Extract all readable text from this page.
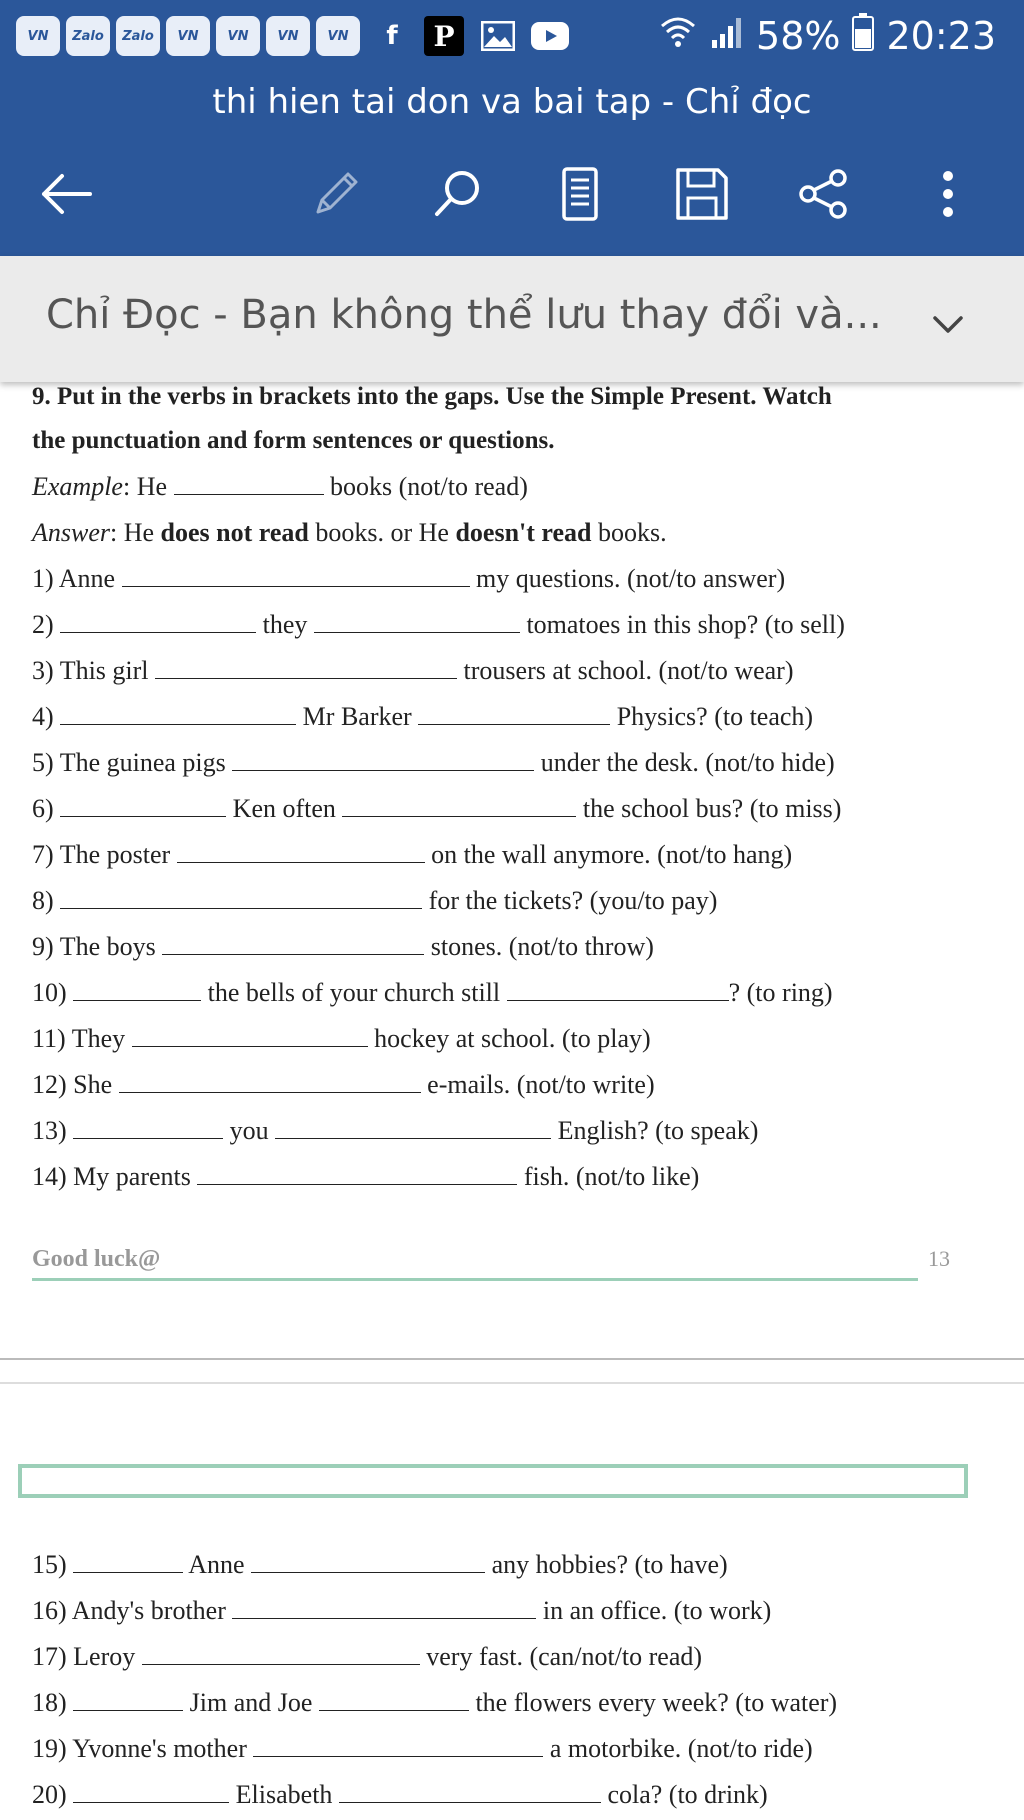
VN	Zalo	Zalo	VN	VN	VN	VN	f	P	58% 20:23
thi hien tai don va bai tap - Chỉ đọc
Chỉ Đọc - Bạn không thể lưu thay đổi và...
9. Put in the verbs in brackets into the gaps. Use the Simple Present. Watch
the punctuation and form sentences or questions.
Example: He	books (not/to read)
Answer: He does not read books. or He doesn't read books.
1) Anne	my questions. (not/to answer)
2)	they	tomatoes in this shop? (to sell)
3) This girl	trousers at school. (not/to wear)
4)	Mr Barker	Physics? (to teach)
5) The guinea pigs	under the desk. (not/to hide)
6)	Ken often	the school bus? (to miss)
7) The poster	on the wall anymore. (not/to hang)
8)	for the tickets? (you/to pay)
9) The boys	stones. (not/to throw)
10)	the bells of your church still	? (to ring)
11) They	hockey at school. (to play)
12) She	e-mails. (not/to write)
13)	you	English? (to speak)
14) My parents	fish. (not/to like)
Good luck@	13
15)	Anne	any hobbies? (to have)
16) Andy's brother	in an office. (to work)
17) Leroy	very fast. (can/not/to read)
18)	Jim and Joe	the flowers every week? (to water)
19) Yvonne's mother	a motorbike. (not/to ride)
20)	Elisabeth	cola? (to drink)
